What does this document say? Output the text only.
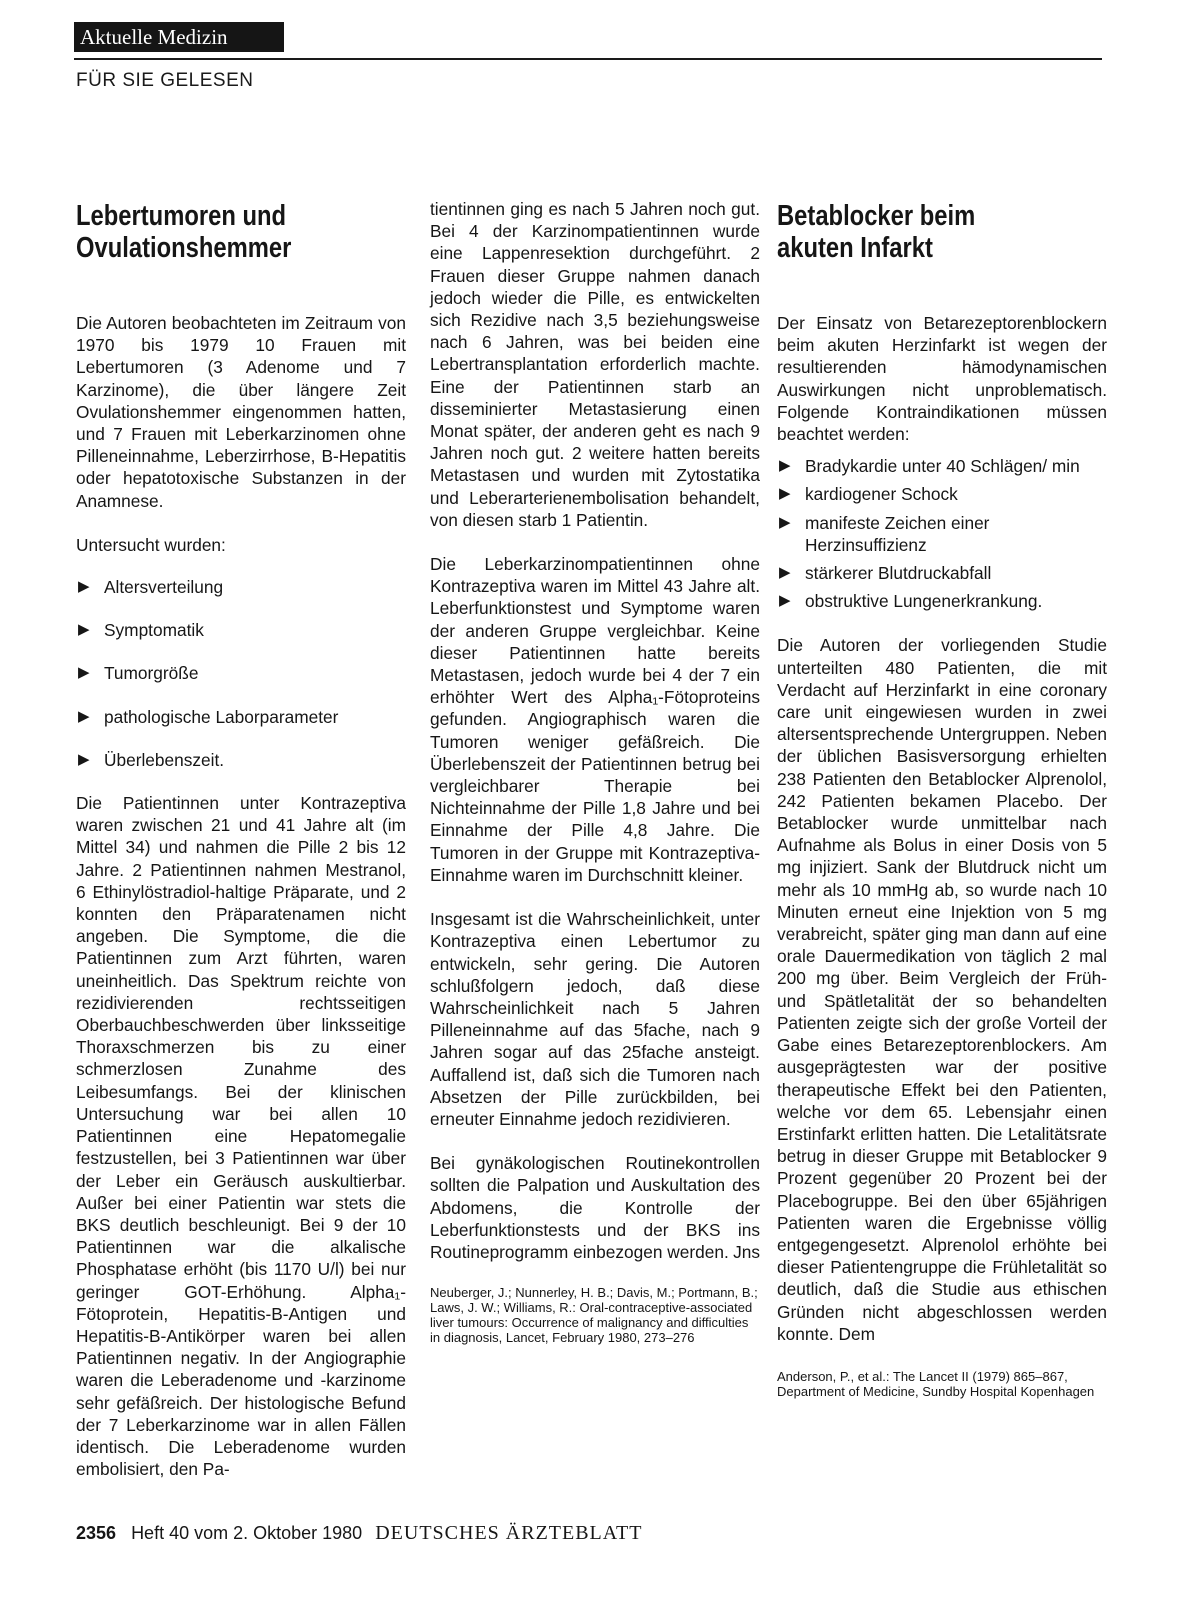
Aktuelle Medizin
FÜR SIE GELESEN
Lebertumoren und
Ovulationshemmer

Die Autoren beobachteten im Zeitraum von 1970 bis 1979 10 Frauen mit Lebertumoren (3 Adenome und 7 Karzinome), die über längere Zeit Ovulationshemmer eingenommen hatten, und 7 Frauen mit Leberkarzinomen ohne Pilleneinnahme, Leberzirrhose, B-Hepatitis oder hepatotoxische Substanzen in der Anamnese.

Untersucht wurden:

▶ Altersverteilung
▶ Symptomatik
▶ Tumorgröße
▶ pathologische Laborparameter
▶ Überlebenszeit.

Die Patientinnen unter Kontrazeptiva waren zwischen 21 und 41 Jahre alt (im Mittel 34) und nahmen die Pille 2 bis 12 Jahre. 2 Patientinnen nahmen Mestranol, 6 Ethinylöstradiol-haltige Präparate, und 2 konnten den Präparatenamen nicht angeben. Die Symptome, die die Patientinnen zum Arzt führten, waren uneinheitlich. Das Spektrum reichte von rezidivierenden rechtsseitigen Oberbauchbeschwerden über linksseitige Thoraxschmerzen bis zu einer schmerzlosen Zunahme des Leibesumfangs. Bei der klinischen Untersuchung war bei allen 10 Patientinnen eine Hepatomegalie festzustellen, bei 3 Patientinnen war über der Leber ein Geräusch auskultierbar. Außer bei einer Patientin war stets die BKS deutlich beschleunigt. Bei 9 der 10 Patientinnen war die alkalische Phosphatase erhöht (bis 1170 U/l) bei nur geringer GOT-Erhöhung. Alpha₁-Fötoprotein, Hepatitis-B-Antigen und Hepatitis-B-Antikörper waren bei allen Patientinnen negativ. In der Angiographie waren die Leberadenome und -karzinome sehr gefäßreich. Der histologische Befund der 7 Leberkarzinome war in allen Fällen identisch. Die Leberadenome wurden embolisiert, den Pa-

tientinnen ging es nach 5 Jahren noch gut. Bei 4 der Karzinompatientinnen wurde eine Lappenresektion durchgeführt. 2 Frauen dieser Gruppe nahmen danach jedoch wieder die Pille, es entwickelten sich Rezidive nach 3,5 beziehungsweise nach 6 Jahren, was bei beiden eine Lebertransplantation erforderlich machte. Eine der Patientinnen starb an disseminierter Metastasierung einen Monat später, der anderen geht es nach 9 Jahren noch gut. 2 weitere hatten bereits Metastasen und wurden mit Zytostatika und Leberarterienembolisation behandelt, von diesen starb 1 Patientin.

Die Leberkarzinompatientinnen ohne Kontrazeptiva waren im Mittel 43 Jahre alt. Leberfunktionstest und Symptome waren der anderen Gruppe vergleichbar. Keine dieser Patientinnen hatte bereits Metastasen, jedoch wurde bei 4 der 7 ein erhöhter Wert des Alpha₁-Fötoproteins gefunden. Angiographisch waren die Tumoren weniger gefäßreich. Die Überlebenszeit der Patientinnen betrug bei vergleichbarer Therapie bei Nichteinnahme der Pille 1,8 Jahre und bei Einnahme der Pille 4,8 Jahre. Die Tumoren in der Gruppe mit Kontrazeptiva-Einnahme waren im Durchschnitt kleiner.

Insgesamt ist die Wahrscheinlichkeit, unter Kontrazeptiva einen Lebertumor zu entwickeln, sehr gering. Die Autoren schlußfolgern jedoch, daß diese Wahrscheinlichkeit nach 5 Jahren Pilleneinnahme auf das 5fache, nach 9 Jahren sogar auf das 25fache ansteigt. Auffallend ist, daß sich die Tumoren nach Absetzen der Pille zurückbilden, bei erneuter Einnahme jedoch rezidivieren.

Bei gynäkologischen Routinekontrollen sollten die Palpation und Auskultation des Abdomens, die Kontrolle der Leberfunktionstests und der BKS ins Routineprogramm einbezogen werden. Jns

Neuberger, J.; Nunnerley, H. B.; Davis, M.; Portmann, B.; Laws, J. W.; Williams, R.: Oral-contraceptive-associated liver tumours: Occurrence of malignancy and difficulties in diagnosis, Lancet, February 1980, 273–276
Betablocker beim
akuten Infarkt

Der Einsatz von Betarezeptorenblockern beim akuten Herzinfarkt ist wegen der resultierenden hämodynamischen Auswirkungen nicht unproblematisch. Folgende Kontraindikationen müssen beachtet werden:

▶ Bradykardie unter 40 Schlägen/ min
▶ kardiogener Schock
▶ manifeste Zeichen einer Herzinsuffizienz
▶ stärkerer Blutdruckabfall
▶ obstruktive Lungenerkrankung.

Die Autoren der vorliegenden Studie unterteilten 480 Patienten, die mit Verdacht auf Herzinfarkt in eine coronary care unit eingewiesen wurden in zwei altersentsprechende Untergruppen. Neben der üblichen Basisversorgung erhielten 238 Patienten den Betablocker Alprenolol, 242 Patienten bekamen Placebo. Der Betablocker wurde unmittelbar nach Aufnahme als Bolus in einer Dosis von 5 mg injiziert. Sank der Blutdruck nicht um mehr als 10 mmHg ab, so wurde nach 10 Minuten erneut eine Injektion von 5 mg verabreicht, später ging man dann auf eine orale Dauermedikation von täglich 2 mal 200 mg über. Beim Vergleich der Früh- und Spätletalität der so behandelten Patienten zeigte sich der große Vorteil der Gabe eines Betarezeptorenblockers. Am ausgeprägtesten war der positive therapeutische Effekt bei den Patienten, welche vor dem 65. Lebensjahr einen Erstinfarkt erlitten hatten. Die Letalitätsrate betrug in dieser Gruppe mit Betablocker 9 Prozent gegenüber 20 Prozent bei der Placebogruppe. Bei den über 65jährigen Patienten waren die Ergebnisse völlig entgegengesetzt. Alprenolol erhöhte bei dieser Patientengruppe die Frühletalität so deutlich, daß die Studie aus ethischen Gründen nicht abgeschlossen werden konnte. Dem

Anderson, P., et al.: The Lancet II (1979) 865–867, Department of Medicine, Sundby Hospital Kopenhagen
2356 Heft 40 vom 2. Oktober 1980 DEUTSCHES ÄRZTEBLATT
